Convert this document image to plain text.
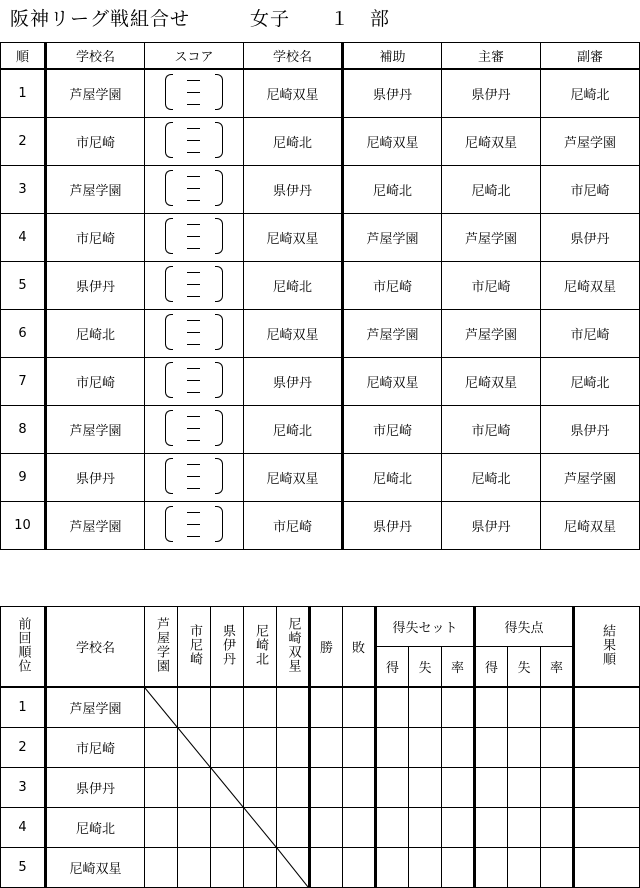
阪神リーグ戦組合せ　　　女子　　１　部
順	学校名	スコア	学校名	補助	主審	副審
1	芦屋学園		尼崎双星	県伊丹	県伊丹	尼崎北
2	市尼崎		尼崎北	尼崎双星	尼崎双星	芦屋学園
3	芦屋学園		県伊丹	尼崎北	尼崎北	市尼崎
4	市尼崎		尼崎双星	芦屋学園	芦屋学園	県伊丹
5	県伊丹		尼崎北	市尼崎	市尼崎	尼崎双星
6	尼崎北		尼崎双星	芦屋学園	芦屋学園	市尼崎
7	市尼崎		県伊丹	尼崎双星	尼崎双星	尼崎北
8	芦屋学園		尼崎北	市尼崎	市尼崎	県伊丹
9	県伊丹		尼崎双星	尼崎北	尼崎北	芦屋学園
10	芦屋学園		市尼崎	県伊丹	県伊丹	尼崎双星
前回順位	学校名	芦屋学園	市尼崎	県伊丹	尼崎北	尼崎双星	勝	敗	得失セット			得失点			結果順
									得	失	率	得	失	率	
1	芦屋学園	

2	市尼崎		

3	県伊丹			

4	尼崎北				

5	尼崎双星					
